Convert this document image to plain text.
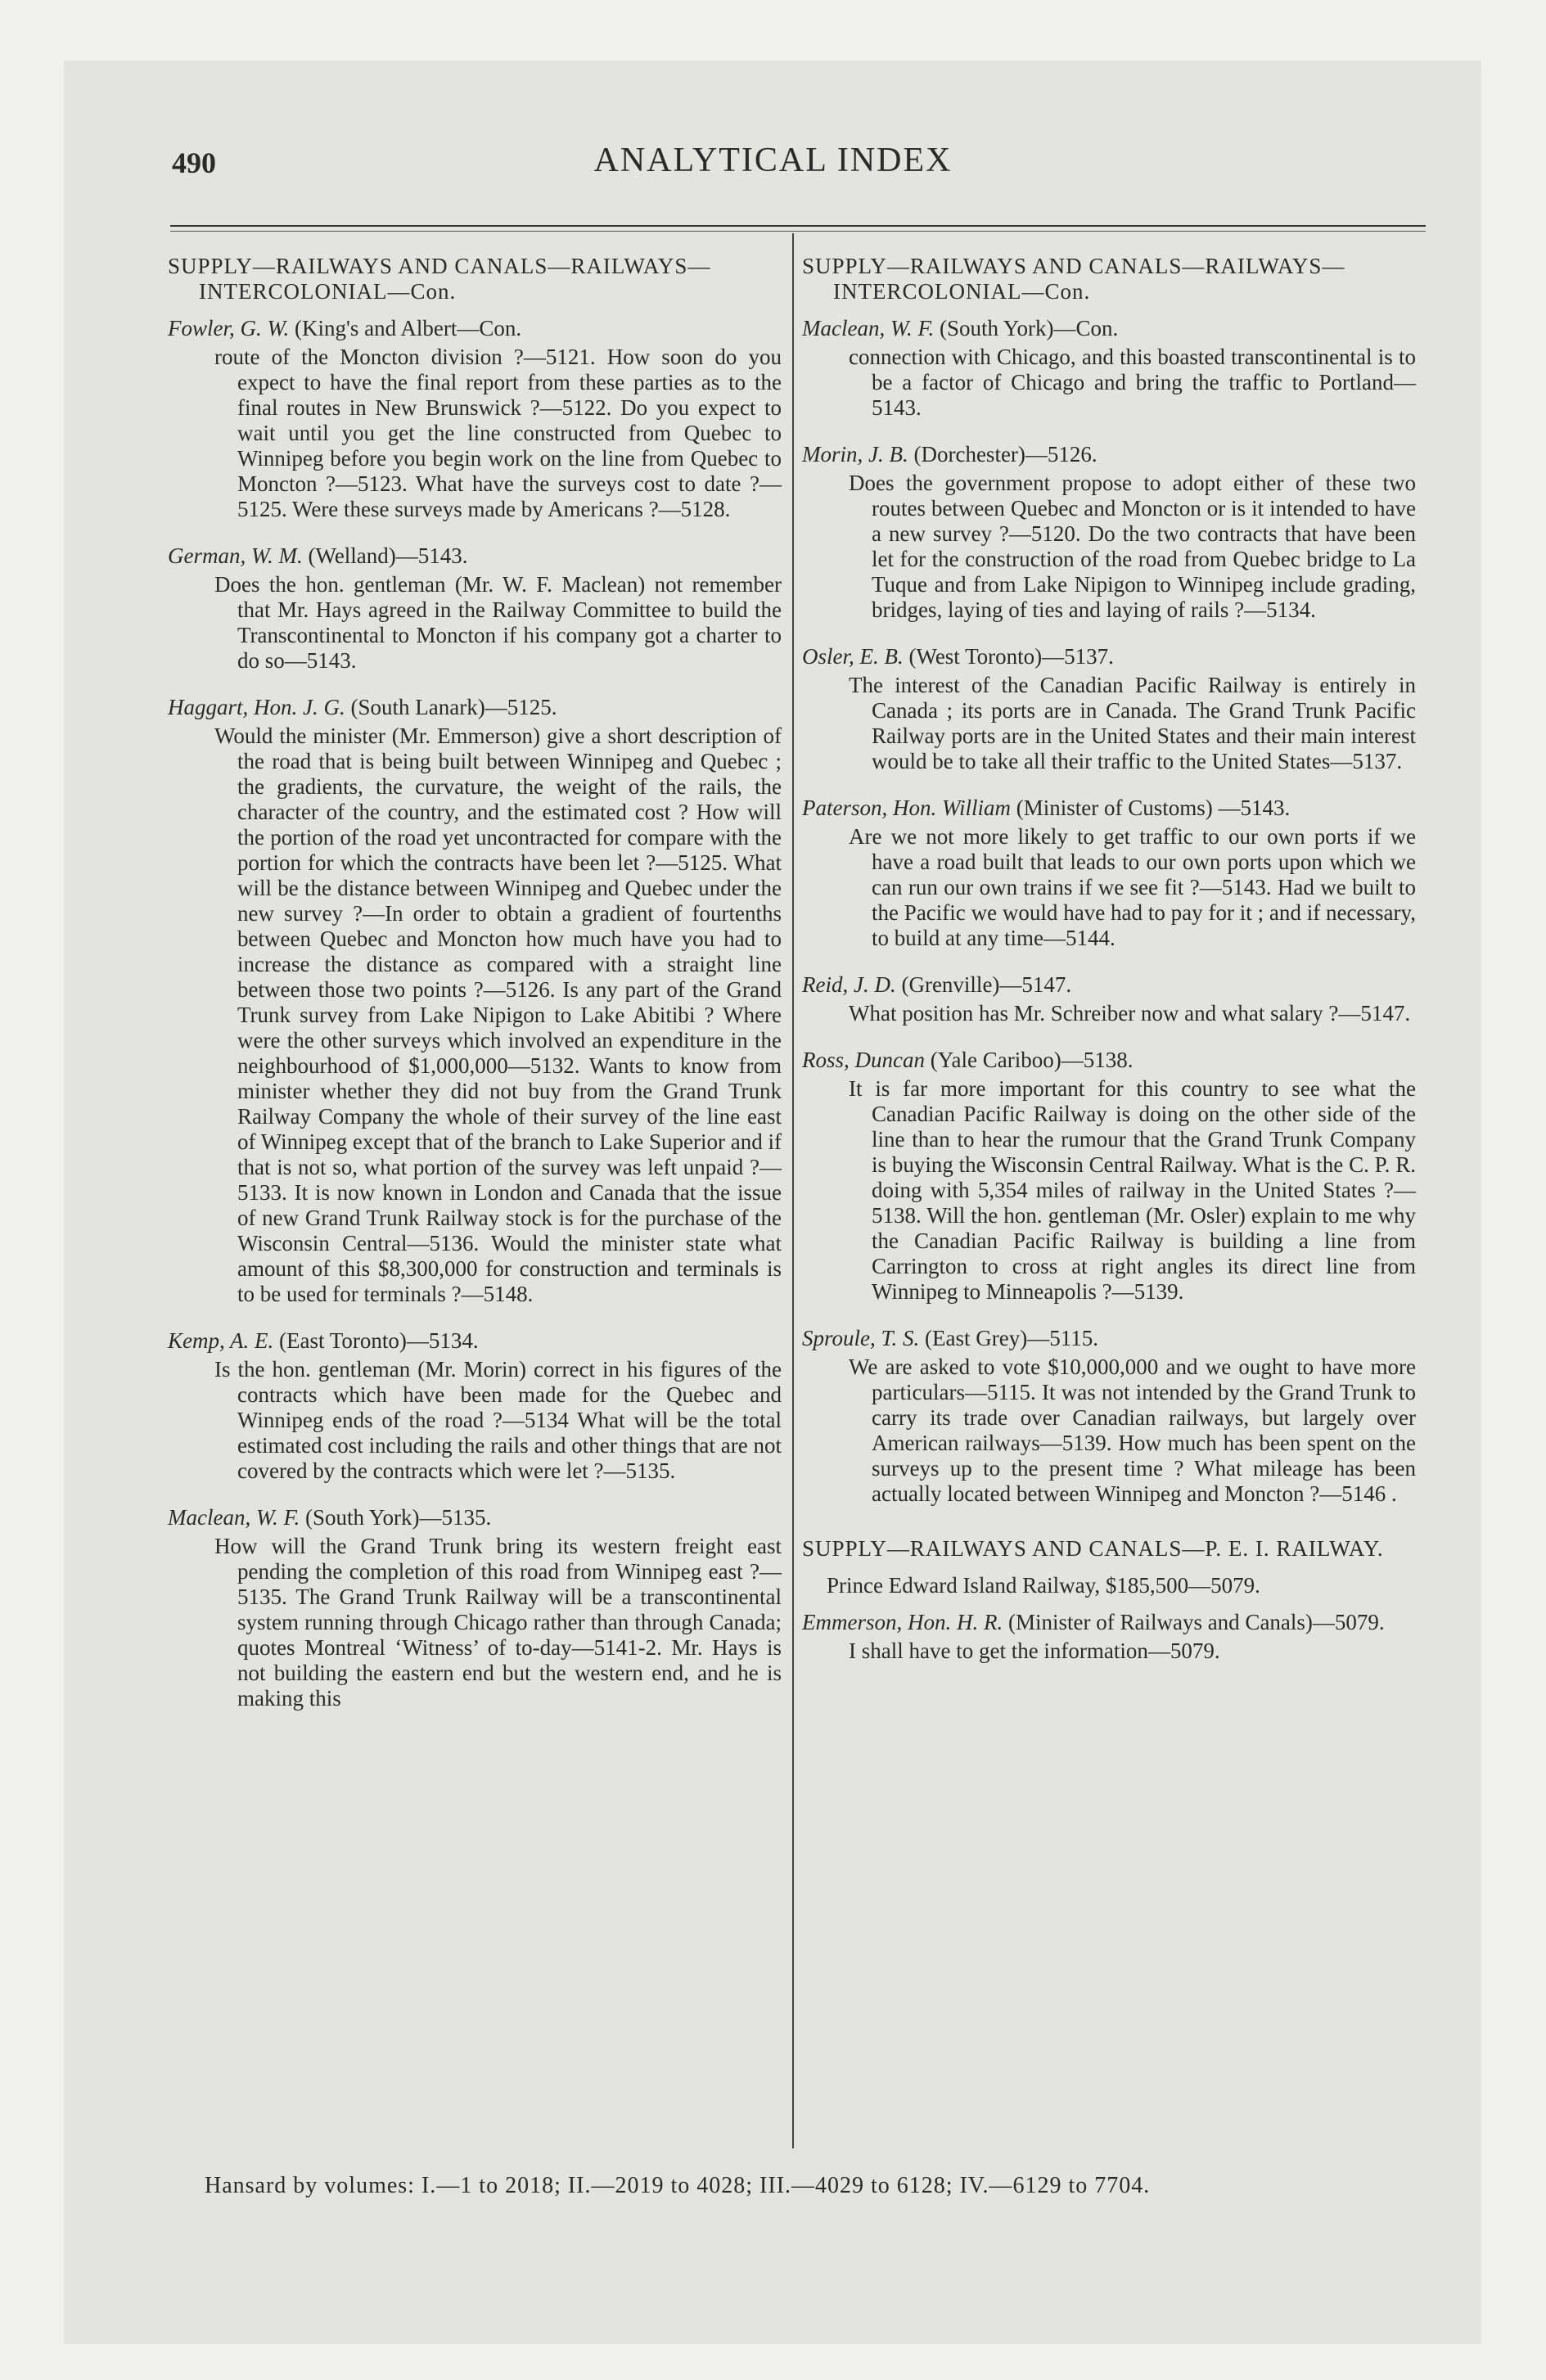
490	ANALYTICAL INDEX

SUPPLY—RAILWAYS AND CANALS—RAILWAYS—INTERCOLONIAL—Con.

Fowler, G. W. (King's and Albert—Con.

route of the Moncton division ?—5121. How soon do you expect to have the final report from these parties as to the final routes in New Brunswick ?—5122. Do you expect to wait until you get the line constructed from Quebec to Winnipeg before you begin work on the line from Quebec to Moncton ?—5123. What have the surveys cost to date ?—5125. Were these surveys made by Americans ?—5128.

German, W. M. (Welland)—5143.

Does the hon. gentleman (Mr. W. F. Maclean) not remember that Mr. Hays agreed in the Railway Committee to build the Transcontinental to Moncton if his company got a charter to do so—5143.

Haggart, Hon. J. G. (South Lanark)—5125.

Would the minister (Mr. Emmerson) give a short description of the road that is being built between Winnipeg and Quebec ; the gradients, the curvature, the weight of the rails, the character of the country, and the estimated cost ? How will the portion of the road yet uncontracted for compare with the portion for which the contracts have been let ?—5125. What will be the distance between Winnipeg and Quebec under the new survey ?—In order to obtain a gradient of fourtenths between Quebec and Moncton how much have you had to increase the distance as compared with a straight line between those two points ?—5126. Is any part of the Grand Trunk survey from Lake Nipigon to Lake Abitibi ? Where were the other surveys which involved an expenditure in the neighbourhood of $1,000,000—5132. Wants to know from minister whether they did not buy from the Grand Trunk Railway Company the whole of their survey of the line east of Winnipeg except that of the branch to Lake Superior and if that is not so, what portion of the survey was left unpaid ?—5133. It is now known in London and Canada that the issue of new Grand Trunk Railway stock is for the purchase of the Wisconsin Central—5136. Would the minister state what amount of this $8,300,000 for construction and terminals is to be used for terminals ?—5148.

Kemp, A. E. (East Toronto)—5134.

Is the hon. gentleman (Mr. Morin) correct in his figures of the contracts which have been made for the Quebec and Winnipeg ends of the road ?—5134 What will be the total estimated cost including the rails and other things that are not covered by the contracts which were let ?—5135.

Maclean, W. F. (South York)—5135.

How will the Grand Trunk bring its western freight east pending the completion of this road from Winnipeg east ?—5135. The Grand Trunk Railway will be a transcontinental system running through Chicago rather than through Canada; quotes Montreal ‘Witness’ of to-day—5141-2. Mr. Hays is not building the eastern end but the western end, and he is making this

SUPPLY—RAILWAYS AND CANALS—RAILWAYS—INTERCOLONIAL—Con.

Maclean, W. F. (South York)—Con.

connection with Chicago, and this boasted transcontinental is to be a factor of Chicago and bring the traffic to Portland—5143.

Morin, J. B. (Dorchester)—5126.

Does the government propose to adopt either of these two routes between Quebec and Moncton or is it intended to have a new survey ?—5120. Do the two contracts that have been let for the construction of the road from Quebec bridge to La Tuque and from Lake Nipigon to Winnipeg include grading, bridges, laying of ties and laying of rails ?—5134.

Osler, E. B. (West Toronto)—5137.

The interest of the Canadian Pacific Railway is entirely in Canada ; its ports are in Canada. The Grand Trunk Pacific Railway ports are in the United States and their main interest would be to take all their traffic to the United States—5137.

Paterson, Hon. William (Minister of Customs) —5143.

Are we not more likely to get traffic to our own ports if we have a road built that leads to our own ports upon which we can run our own trains if we see fit ?—5143. Had we built to the Pacific we would have had to pay for it ; and if necessary, to build at any time—5144.

Reid, J. D. (Grenville)—5147.

What position has Mr. Schreiber now and what salary ?—5147.

Ross, Duncan (Yale Cariboo)—5138.

It is far more important for this country to see what the Canadian Pacific Railway is doing on the other side of the line than to hear the rumour that the Grand Trunk Company is buying the Wisconsin Central Railway. What is the C. P. R. doing with 5,354 miles of railway in the United States ?—5138. Will the hon. gentleman (Mr. Osler) explain to me why the Canadian Pacific Railway is building a line from Carrington to cross at right angles its direct line from Winnipeg to Minneapolis ?—5139.

Sproule, T. S. (East Grey)—5115.

We are asked to vote $10,000,000 and we ought to have more particulars—5115. It was not intended by the Grand Trunk to carry its trade over Canadian railways, but largely over American railways—5139. How much has been spent on the surveys up to the present time ? What mileage has been actually located between Winnipeg and Moncton ?—5146 .

SUPPLY—RAILWAYS AND CANALS—P. E. I. RAILWAY.

Prince Edward Island Railway, $185,500—5079.

Emmerson, Hon. H. R. (Minister of Railways and Canals)—5079.

I shall have to get the information—5079.

Hansard by volumes: I.—1 to 2018; II.—2019 to 4028; III.—4029 to 6128; IV.—6129 to 7704.
